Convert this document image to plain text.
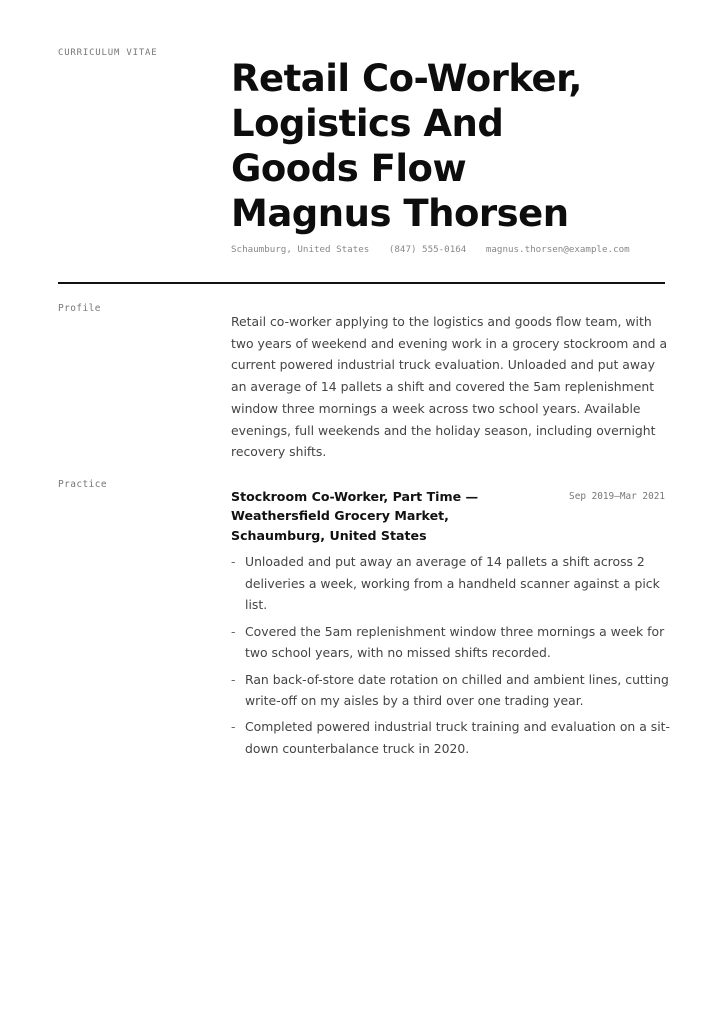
CURRICULUM VITAE
Retail Co-Worker,
Logistics And
Goods Flow
Magnus Thorsen
Schaumburg, United States (847) 555-0164 magnus.thorsen@example.com
Profile

Retail co-worker applying to the logistics and goods flow team, with two years of weekend and evening work in a grocery stockroom and a current powered industrial truck evaluation. Unloaded and put away an average of 14 pallets a shift and covered the 5am replenishment window three mornings a week across two school years. Available evenings, full weekends and the holiday season, including overnight recovery shifts.

Practice
Stockroom Co-Worker, Part Time — Weathersfield Grocery Market, Schaumburg, United States
Sep 2019–Mar 2021
- Unloaded and put away an average of 14 pallets a shift across 2 deliveries a week, working from a handheld scanner against a pick list.
- Covered the 5am replenishment window three mornings a week for two school years, with no missed shifts recorded.
- Ran back-of-store date rotation on chilled and ambient lines, cutting write-off on my aisles by a third over one trading year.
- Completed powered industrial truck training and evaluation on a sit-down counterbalance truck in 2020.
